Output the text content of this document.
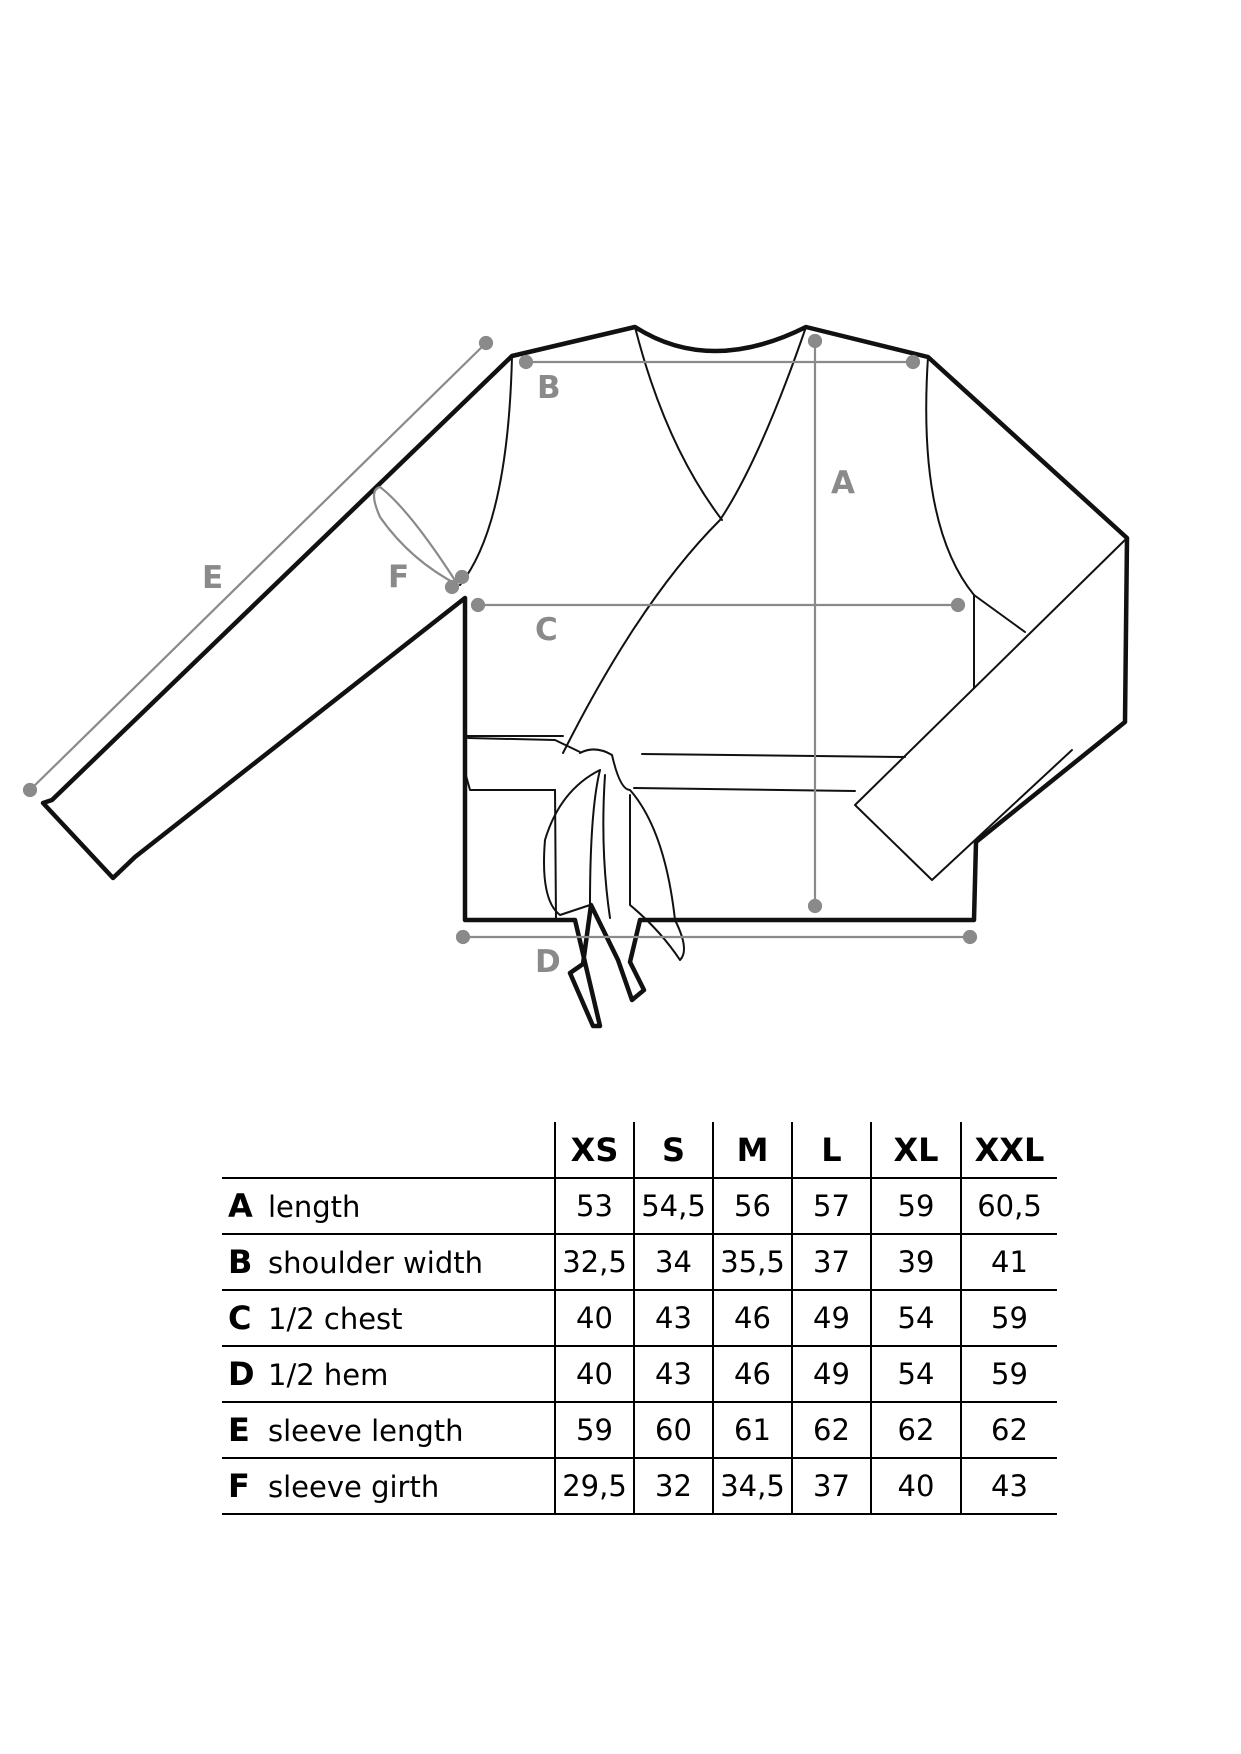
A
B
C
D
E	F
	XS	S	M	L	XL	XXL
A length	53	54,5	56	57	59	60,5
B shoulder width	32,5	34	35,5	37	39	41
C 1/2 chest	40	43	46	49	54	59
D 1/2 hem	40	43	46	49	54	59
E sleeve length	59	60	61	62	62	62
F sleeve girth	29,5	32	34,5	37	40	43
